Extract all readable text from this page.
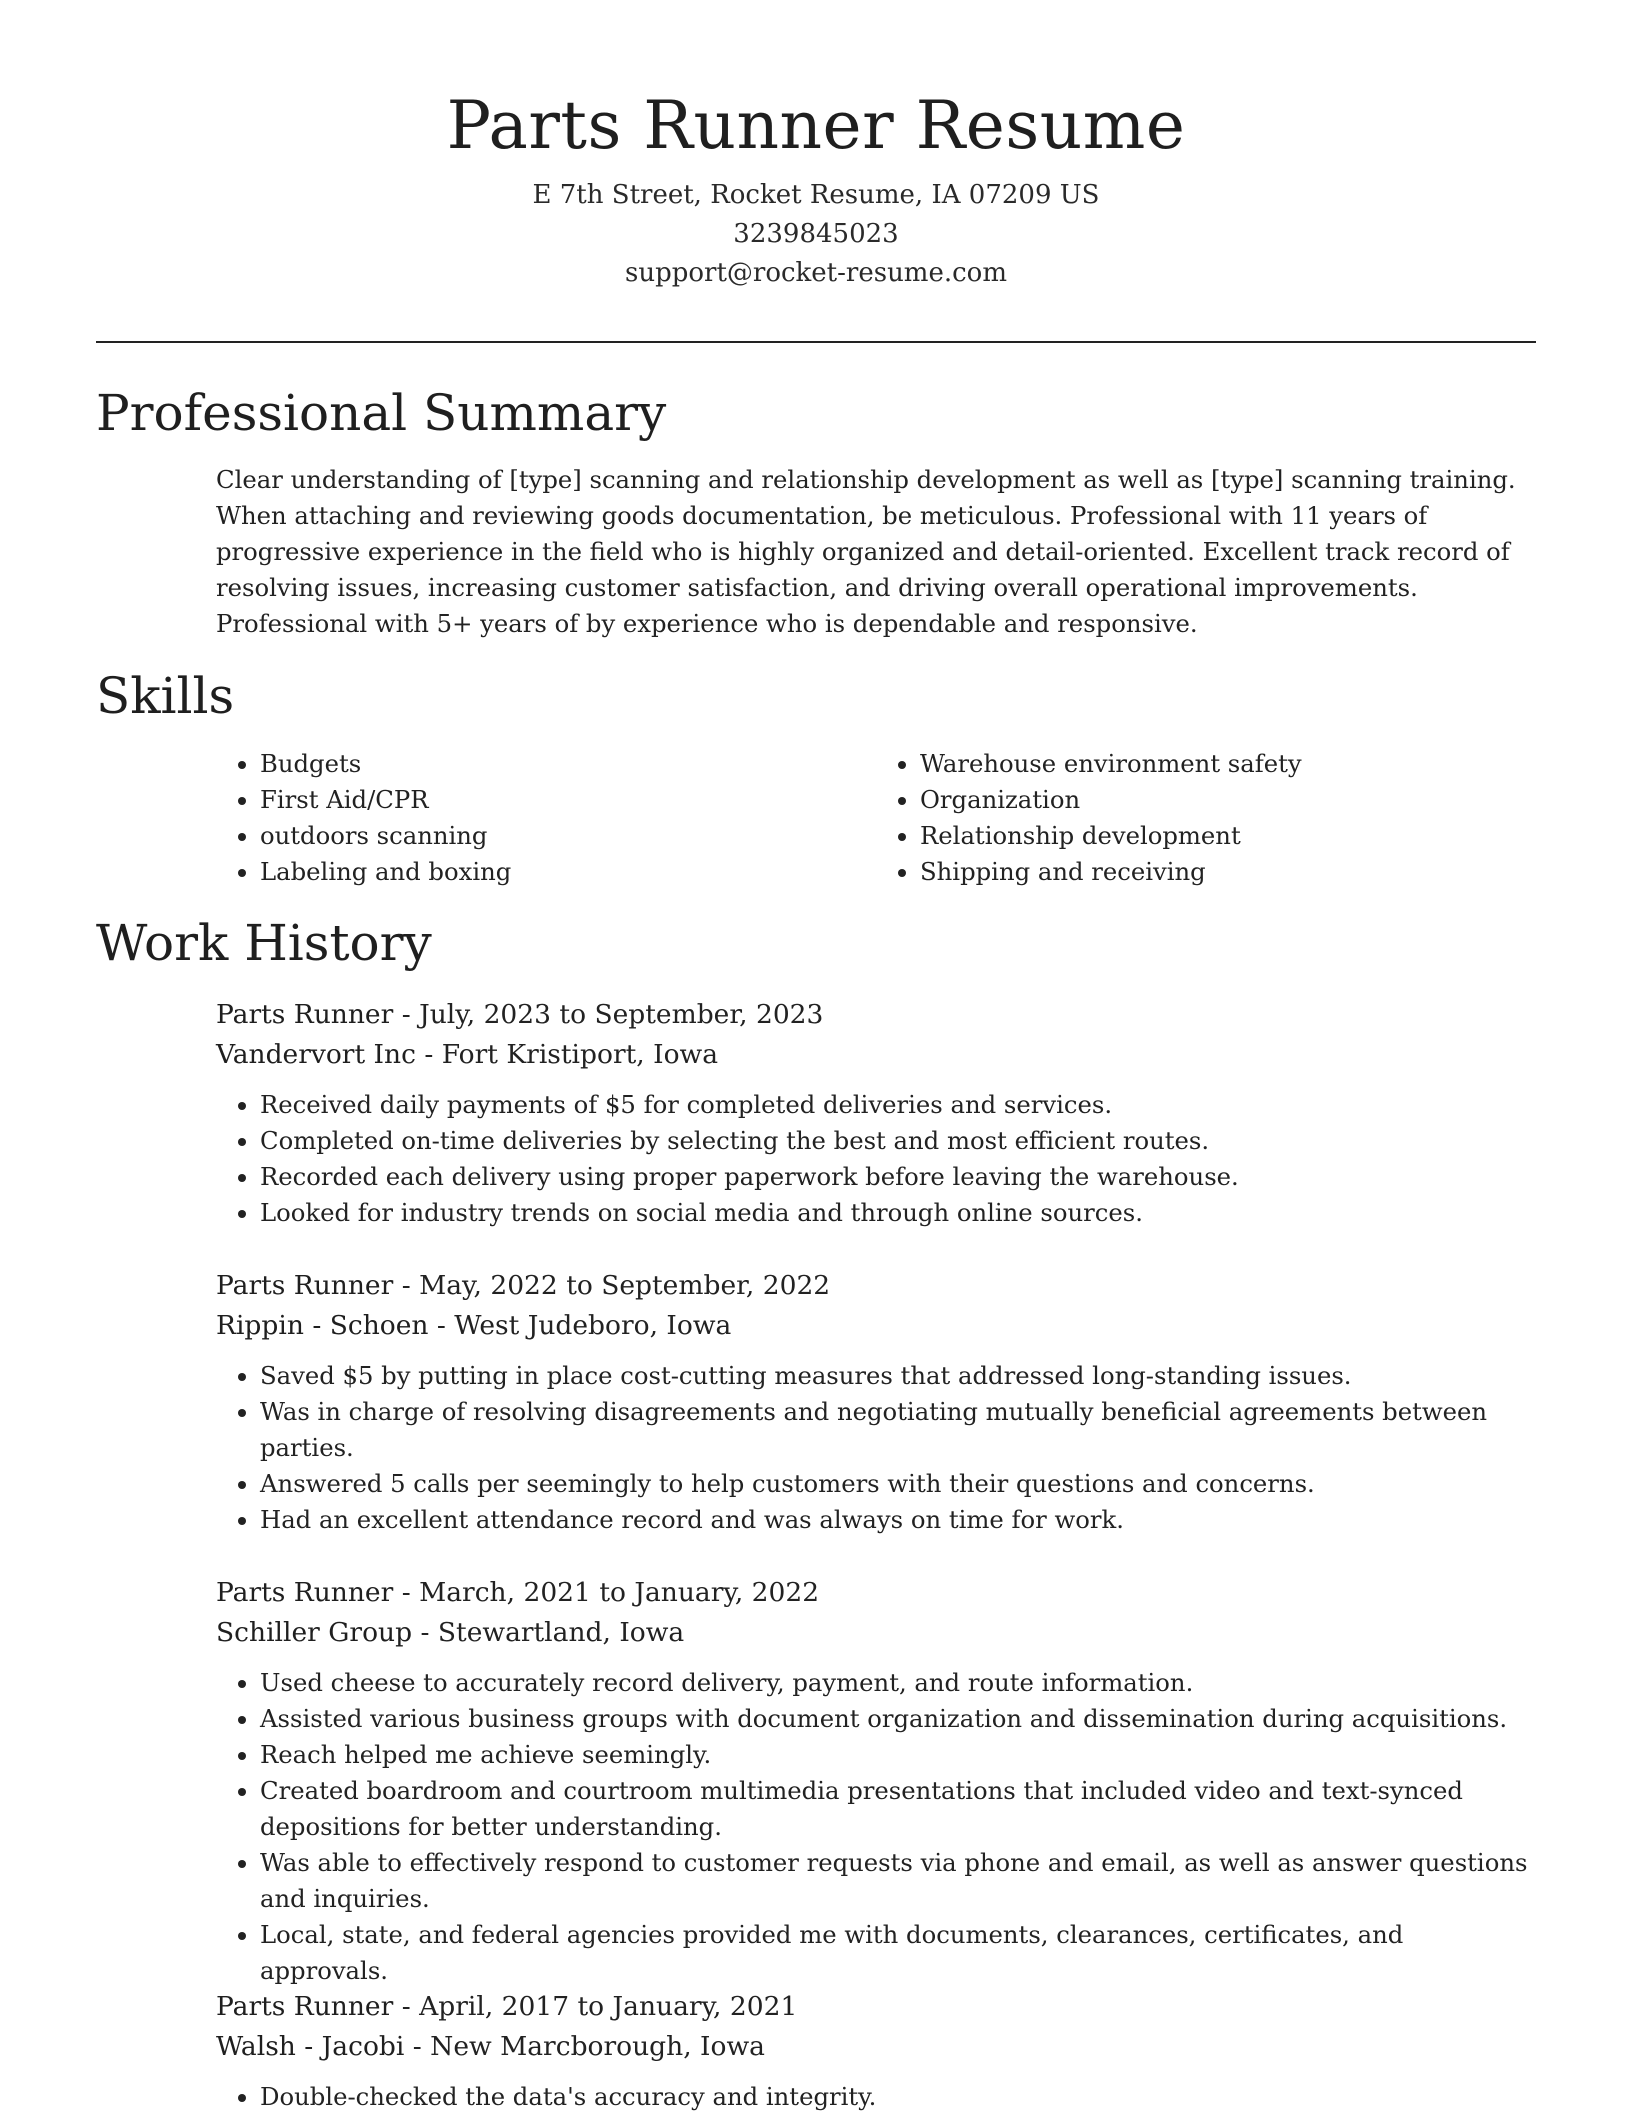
Parts Runner Resume
E 7th Street, Rocket Resume, IA 07209 US
3239845023
support@rocket-resume.com
Professional Summary

Clear understanding of [type] scanning and relationship development as well as [type] scanning training. When attaching and reviewing goods documentation, be meticulous. Professional with 11 years of progressive experience in the field who is highly organized and detail-oriented. Excellent track record of resolving issues, increasing customer satisfaction, and driving overall operational improvements. Professional with 5+ years of by experience who is dependable and responsive.

Skills
• Budgets
• First Aid/CPR
• outdoors scanning
• Labeling and boxing
• Warehouse environment safety
• Organization
• Relationship development
• Shipping and receiving
Work History
Parts Runner - July, 2023 to September, 2023
Vandervort Inc - Fort Kristiport, Iowa
• Received daily payments of $5 for completed deliveries and services.
• Completed on-time deliveries by selecting the best and most efficient routes.
• Recorded each delivery using proper paperwork before leaving the warehouse.
• Looked for industry trends on social media and through online sources.
Parts Runner - May, 2022 to September, 2022
Rippin - Schoen - West Judeboro, Iowa
• Saved $5 by putting in place cost-cutting measures that addressed long-standing issues.
• Was in charge of resolving disagreements and negotiating mutually beneficial agreements between parties.
• Answered 5 calls per seemingly to help customers with their questions and concerns.
• Had an excellent attendance record and was always on time for work.
Parts Runner - March, 2021 to January, 2022
Schiller Group - Stewartland, Iowa
• Used cheese to accurately record delivery, payment, and route information.
• Assisted various business groups with document organization and dissemination during acquisitions.
• Reach helped me achieve seemingly.
• Created boardroom and courtroom multimedia presentations that included video and text-synced depositions for better understanding.
• Was able to effectively respond to customer requests via phone and email, as well as answer questions and inquiries.
• Local, state, and federal agencies provided me with documents, clearances, certificates, and approvals.
Parts Runner - April, 2017 to January, 2021
Walsh - Jacobi - New Marcborough, Iowa
• Double-checked the data's accuracy and integrity.
